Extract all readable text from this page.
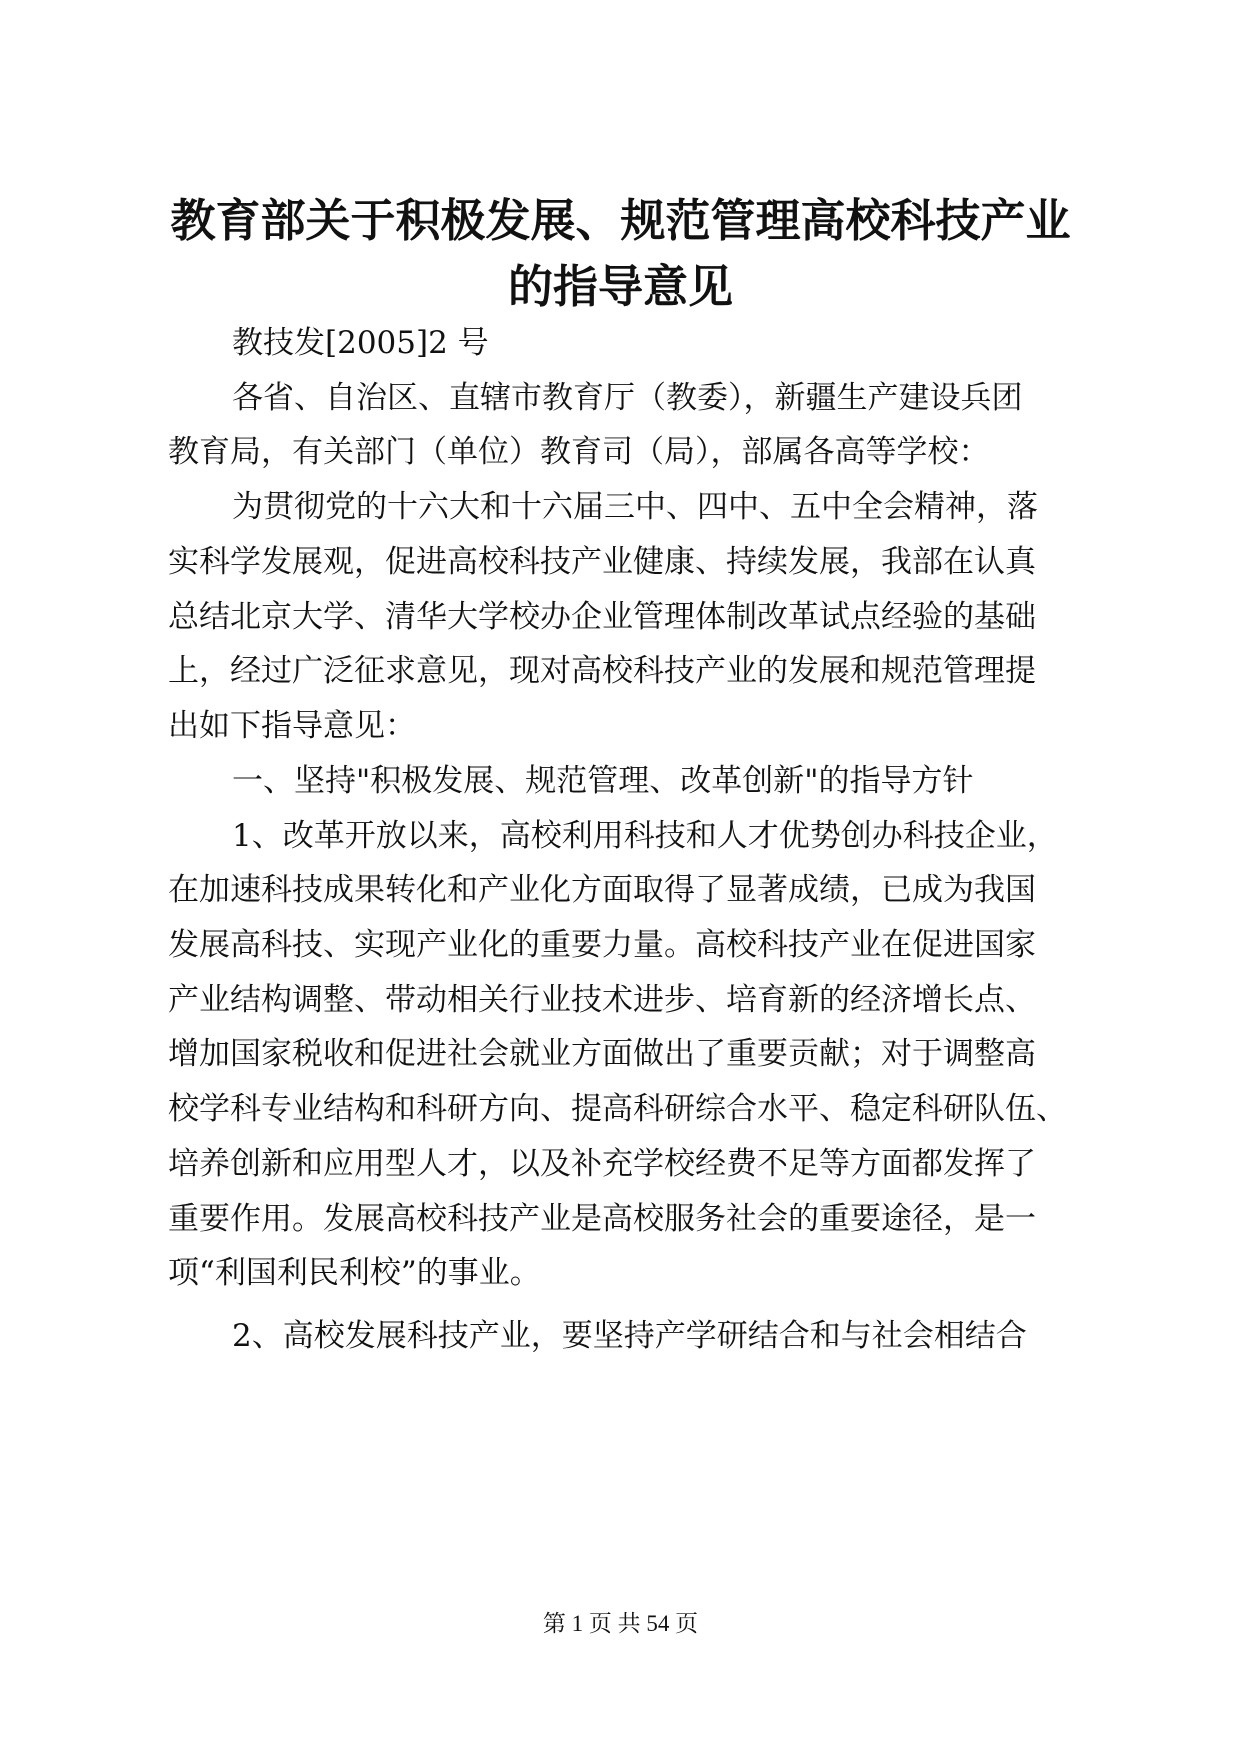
教育部关于积极发展、规范管理高校科技产业
的指导意见

教技发[2005]2 号

各省、自治区、直辖市教育厅（教委），新疆生产建设兵团

教育局，有关部门（单位）教育司（局），部属各高等学校：

为贯彻党的十六大和十六届三中、四中、五中全会精神，落

实科学发展观，促进高校科技产业健康、持续发展，我部在认真

总结北京大学、清华大学校办企业管理体制改革试点经验的基础

上，经过广泛征求意见，现对高校科技产业的发展和规范管理提

出如下指导意见：

一、坚持"积极发展、规范管理、改革创新"的指导方针

1、改革开放以来，高校利用科技和人才优势创办科技企业，

在加速科技成果转化和产业化方面取得了显著成绩，已成为我国

发展高科技、实现产业化的重要力量。高校科技产业在促进国家

产业结构调整、带动相关行业技术进步、培育新的经济增长点、

增加国家税收和促进社会就业方面做出了重要贡献；对于调整高

校学科专业结构和科研方向、提高科研综合水平、稳定科研队伍、

培养创新和应用型人才，以及补充学校经费不足等方面都发挥了

重要作用。发展高校科技产业是高校服务社会的重要途径，是一

项“利国利民利校”的事业。

2、高校发展科技产业，要坚持产学研结合和与社会相结合

第 1 页 共 54 页
